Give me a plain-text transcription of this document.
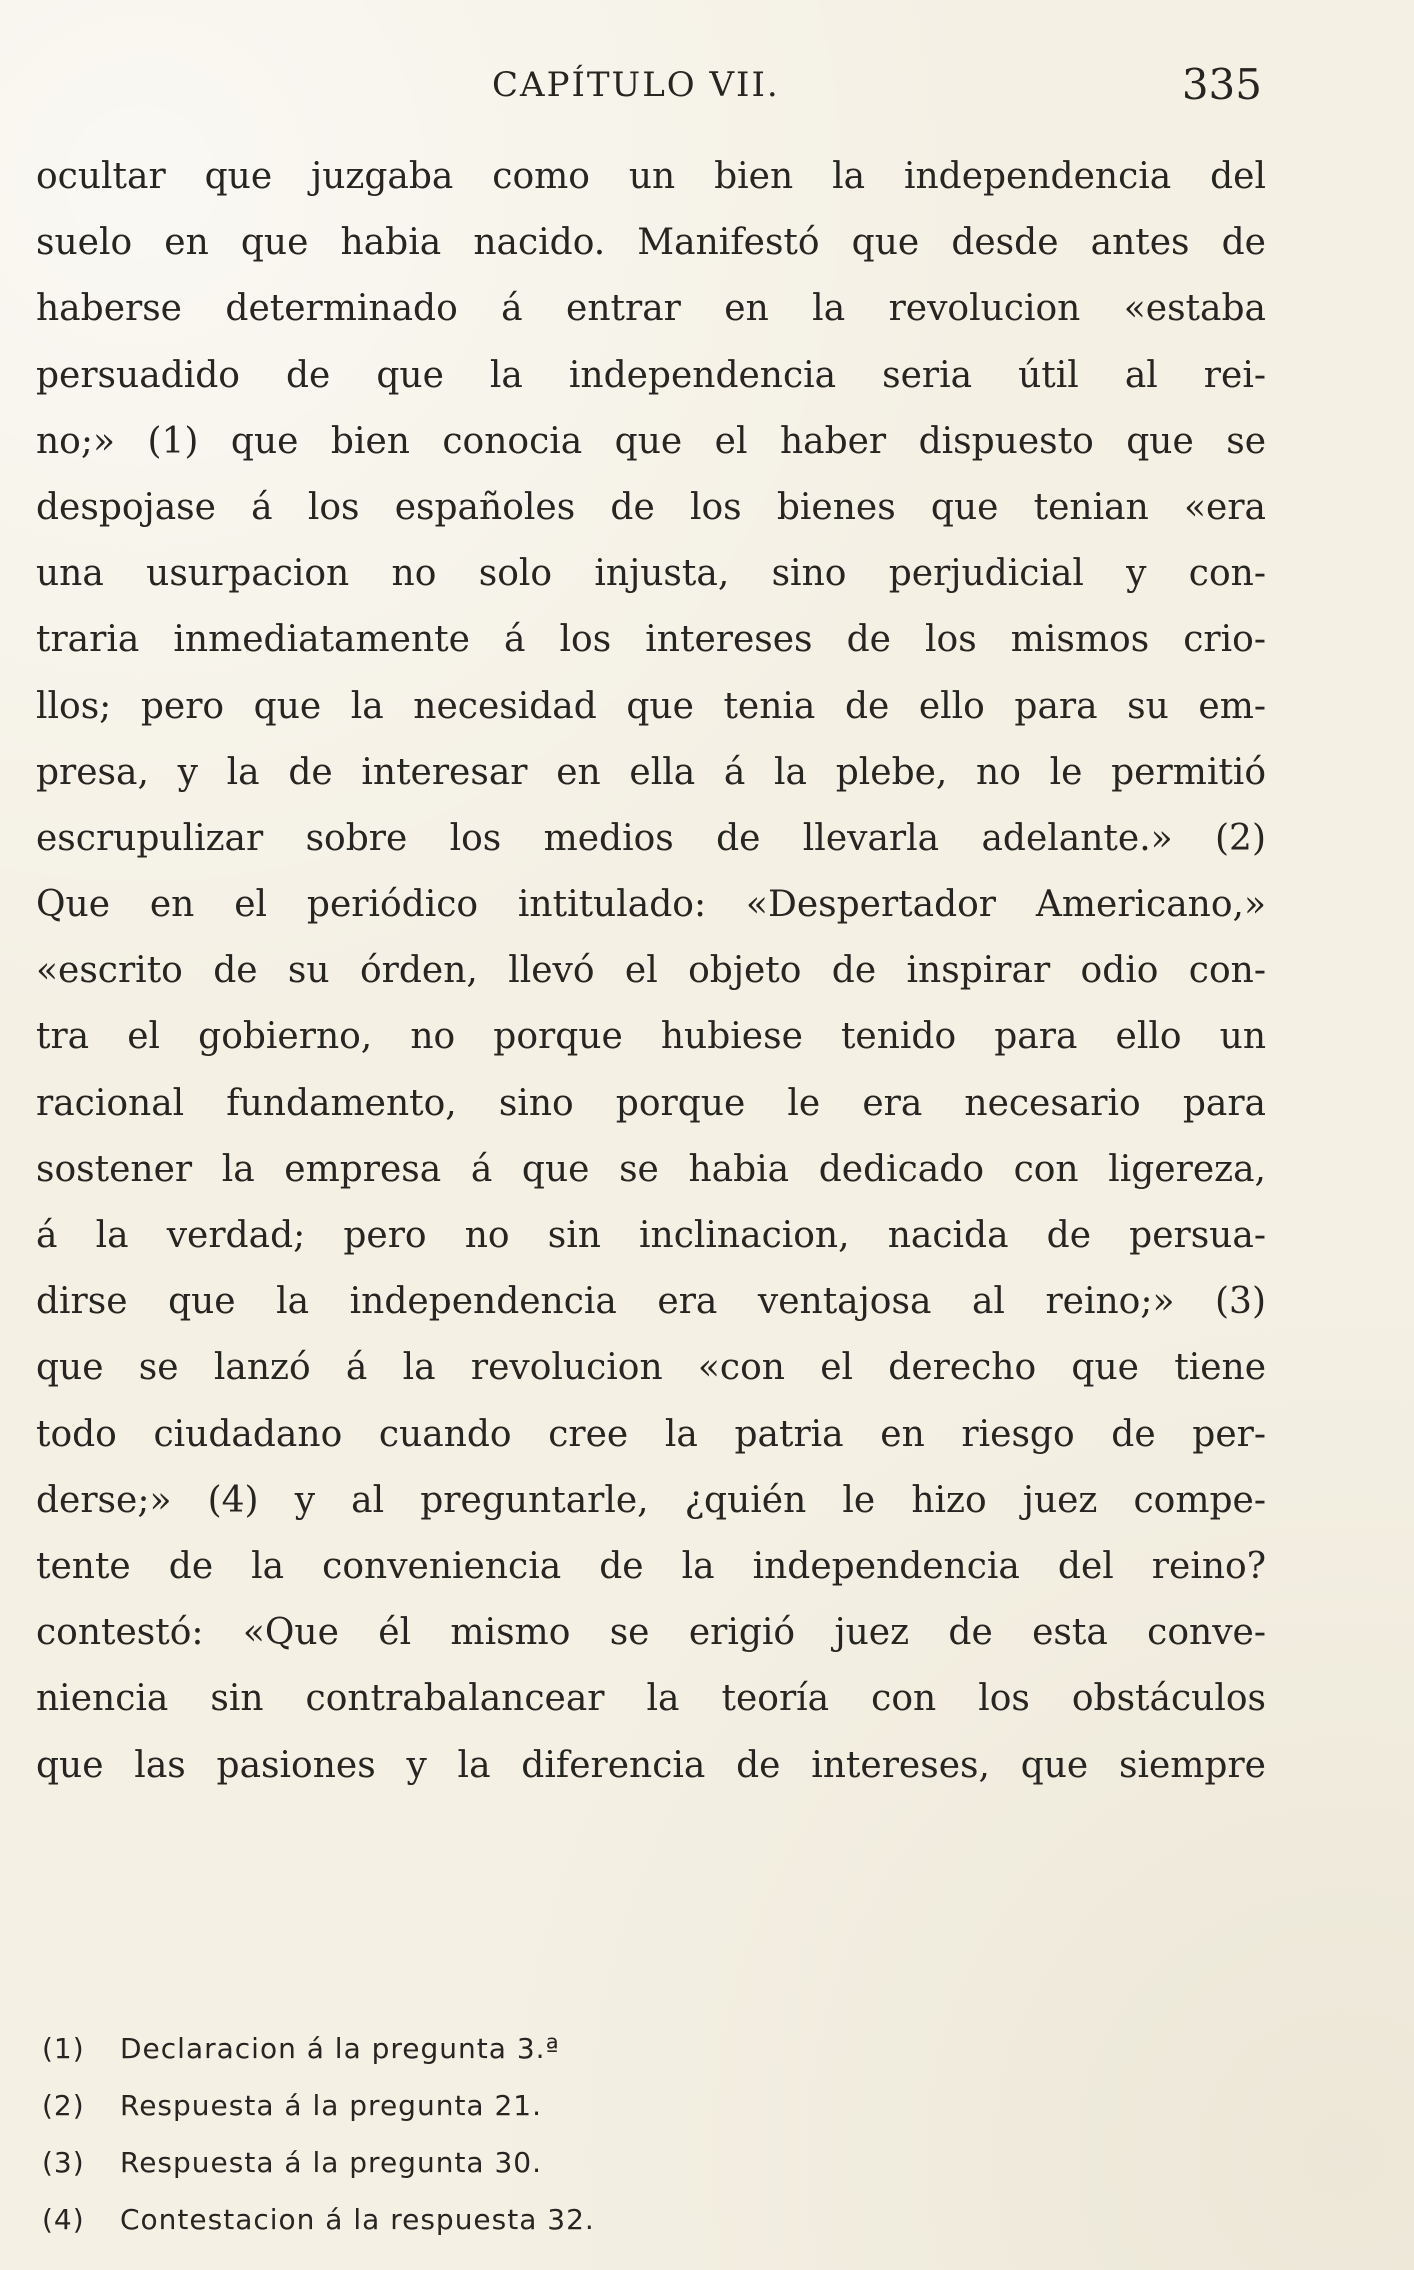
CAPÍTULO VII.	335
ocultar que juzgaba como un bien la independencia del
suelo en que habia nacido. Manifestó que desde antes de
haberse determinado á entrar en la revolucion «estaba
persuadido de que la independencia seria útil al rei-
no;» (1) que bien conocia que el haber dispuesto que se
despojase á los españoles de los bienes que tenian «era
una usurpacion no solo injusta, sino perjudicial y con-
traria inmediatamente á los intereses de los mismos crio-
llos; pero que la necesidad que tenia de ello para su em-
presa, y la de interesar en ella á la plebe, no le permitió
escrupulizar sobre los medios de llevarla adelante.» (2)
Que en el periódico intitulado: «Despertador Americano,»
«escrito de su órden, llevó el objeto de inspirar odio con-
tra el gobierno, no porque hubiese tenido para ello un
racional fundamento, sino porque le era necesario para
sostener la empresa á que se habia dedicado con ligereza,
á la verdad; pero no sin inclinacion, nacida de persua-
dirse que la independencia era ventajosa al reino;» (3)
que se lanzó á la revolucion «con el derecho que tiene
todo ciudadano cuando cree la patria en riesgo de per-
derse;» (4) y al preguntarle, ¿quién le hizo juez compe-
tente de la conveniencia de la independencia del reino?
contestó: «Que él mismo se erigió juez de esta conve-
niencia sin contrabalancear la teoría con los obstáculos
que las pasiones y la diferencia de intereses, que siempre
(1)	Declaracion á la pregunta 3.ª
(2)	Respuesta á la pregunta 21.
(3)	Respuesta á la pregunta 30.
(4)	Contestacion á la respuesta 32.
